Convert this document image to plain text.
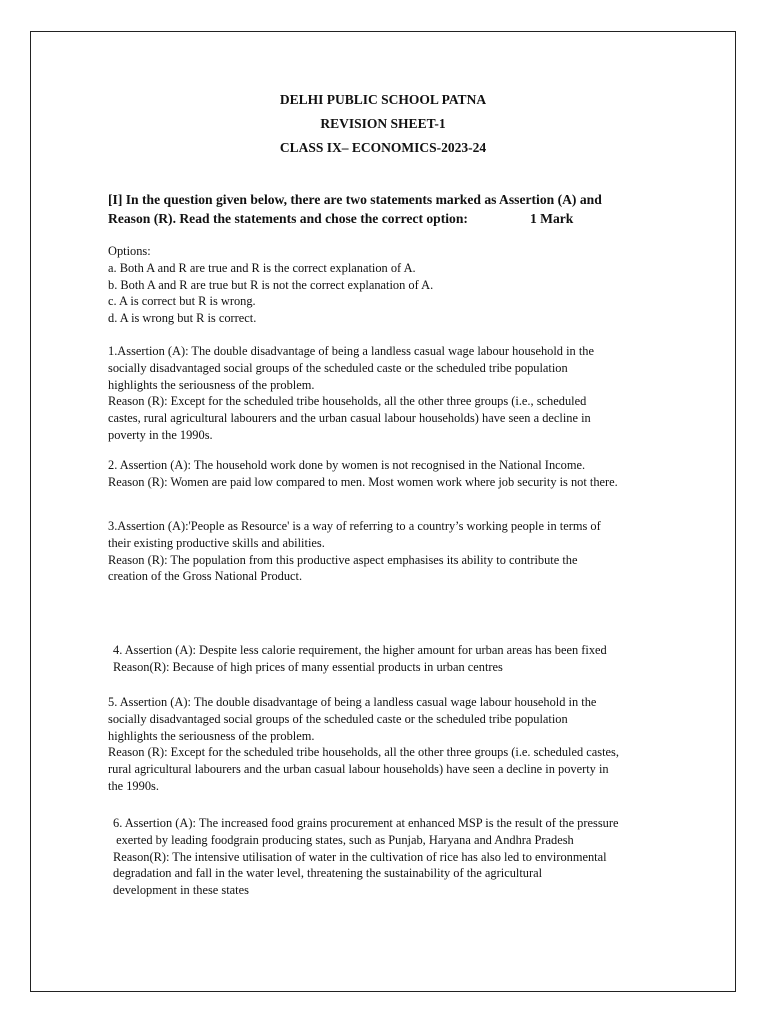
DELHI PUBLIC SCHOOL PATNA
REVISION SHEET-1
CLASS IX– ECONOMICS-2023-24
[I] In the question given below, there are two statements marked as Assertion (A) and
Reason (R). Read the statements and chose the correct option:	1 Mark
Options:
a. Both A and R are true and R is the correct explanation of A.
b. Both A and R are true but R is not the correct explanation of A.
c. A is correct but R is wrong.
d. A is wrong but R is correct.
1.Assertion (A): The double disadvantage of being a landless casual wage labour household in the
socially disadvantaged social groups of the scheduled caste or the scheduled tribe population
highlights the seriousness of the problem.
Reason (R): Except for the scheduled tribe households, all the other three groups (i.e., scheduled
castes, rural agricultural labourers and the urban casual labour households) have seen a decline in
poverty in the 1990s.
2. Assertion (A): The household work done by women is not recognised in the National Income.
Reason (R): Women are paid low compared to men. Most women work where job security is not there.
3.Assertion (A):'People as Resource' is a way of referring to a country’s working people in terms of
their existing productive skills and abilities.
Reason (R): The population from this productive aspect emphasises its ability to contribute the
creation of the Gross National Product.
4. Assertion (A): Despite less calorie requirement, the higher amount for urban areas has been fixed
Reason(R): Because of high prices of many essential products in urban centres
5. Assertion (A): The double disadvantage of being a landless casual wage labour household in the
socially disadvantaged social groups of the scheduled caste or the scheduled tribe population
highlights the seriousness of the problem.
Reason (R): Except for the scheduled tribe households, all the other three groups (i.e. scheduled castes,
rural agricultural labourers and the urban casual labour households) have seen a decline in poverty in
the 1990s.
6. Assertion (A): The increased food grains procurement at enhanced MSP is the result of the pressure
exerted by leading foodgrain producing states, such as Punjab, Haryana and Andhra Pradesh
Reason(R): The intensive utilisation of water in the cultivation of rice has also led to environmental
degradation and fall in the water level, threatening the sustainability of the agricultural
development in these states
